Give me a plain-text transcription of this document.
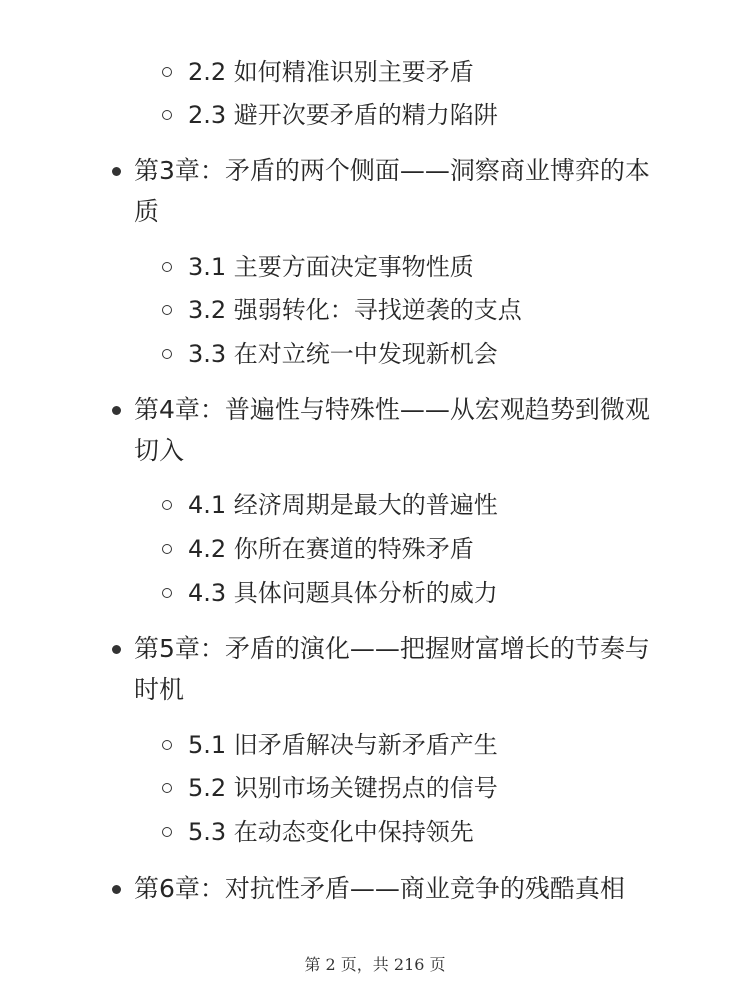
2.2 如何精准识别主要矛盾
2.3 避开次要矛盾的精力陷阱
第3章：矛盾的两个侧面——洞察商业博弈的本质
3.1 主要方面决定事物性质
3.2 强弱转化：寻找逆袭的支点
3.3 在对立统一中发现新机会
第4章：普遍性与特殊性——从宏观趋势到微观切入
4.1 经济周期是最大的普遍性
4.2 你所在赛道的特殊矛盾
4.3 具体问题具体分析的威力
第5章：矛盾的演化——把握财富增长的节奏与时机
5.1 旧矛盾解决与新矛盾产生
5.2 识别市场关键拐点的信号
5.3 在动态变化中保持领先
第6章：对抗性矛盾——商业竞争的残酷真相
第 2 页，共 216 页
